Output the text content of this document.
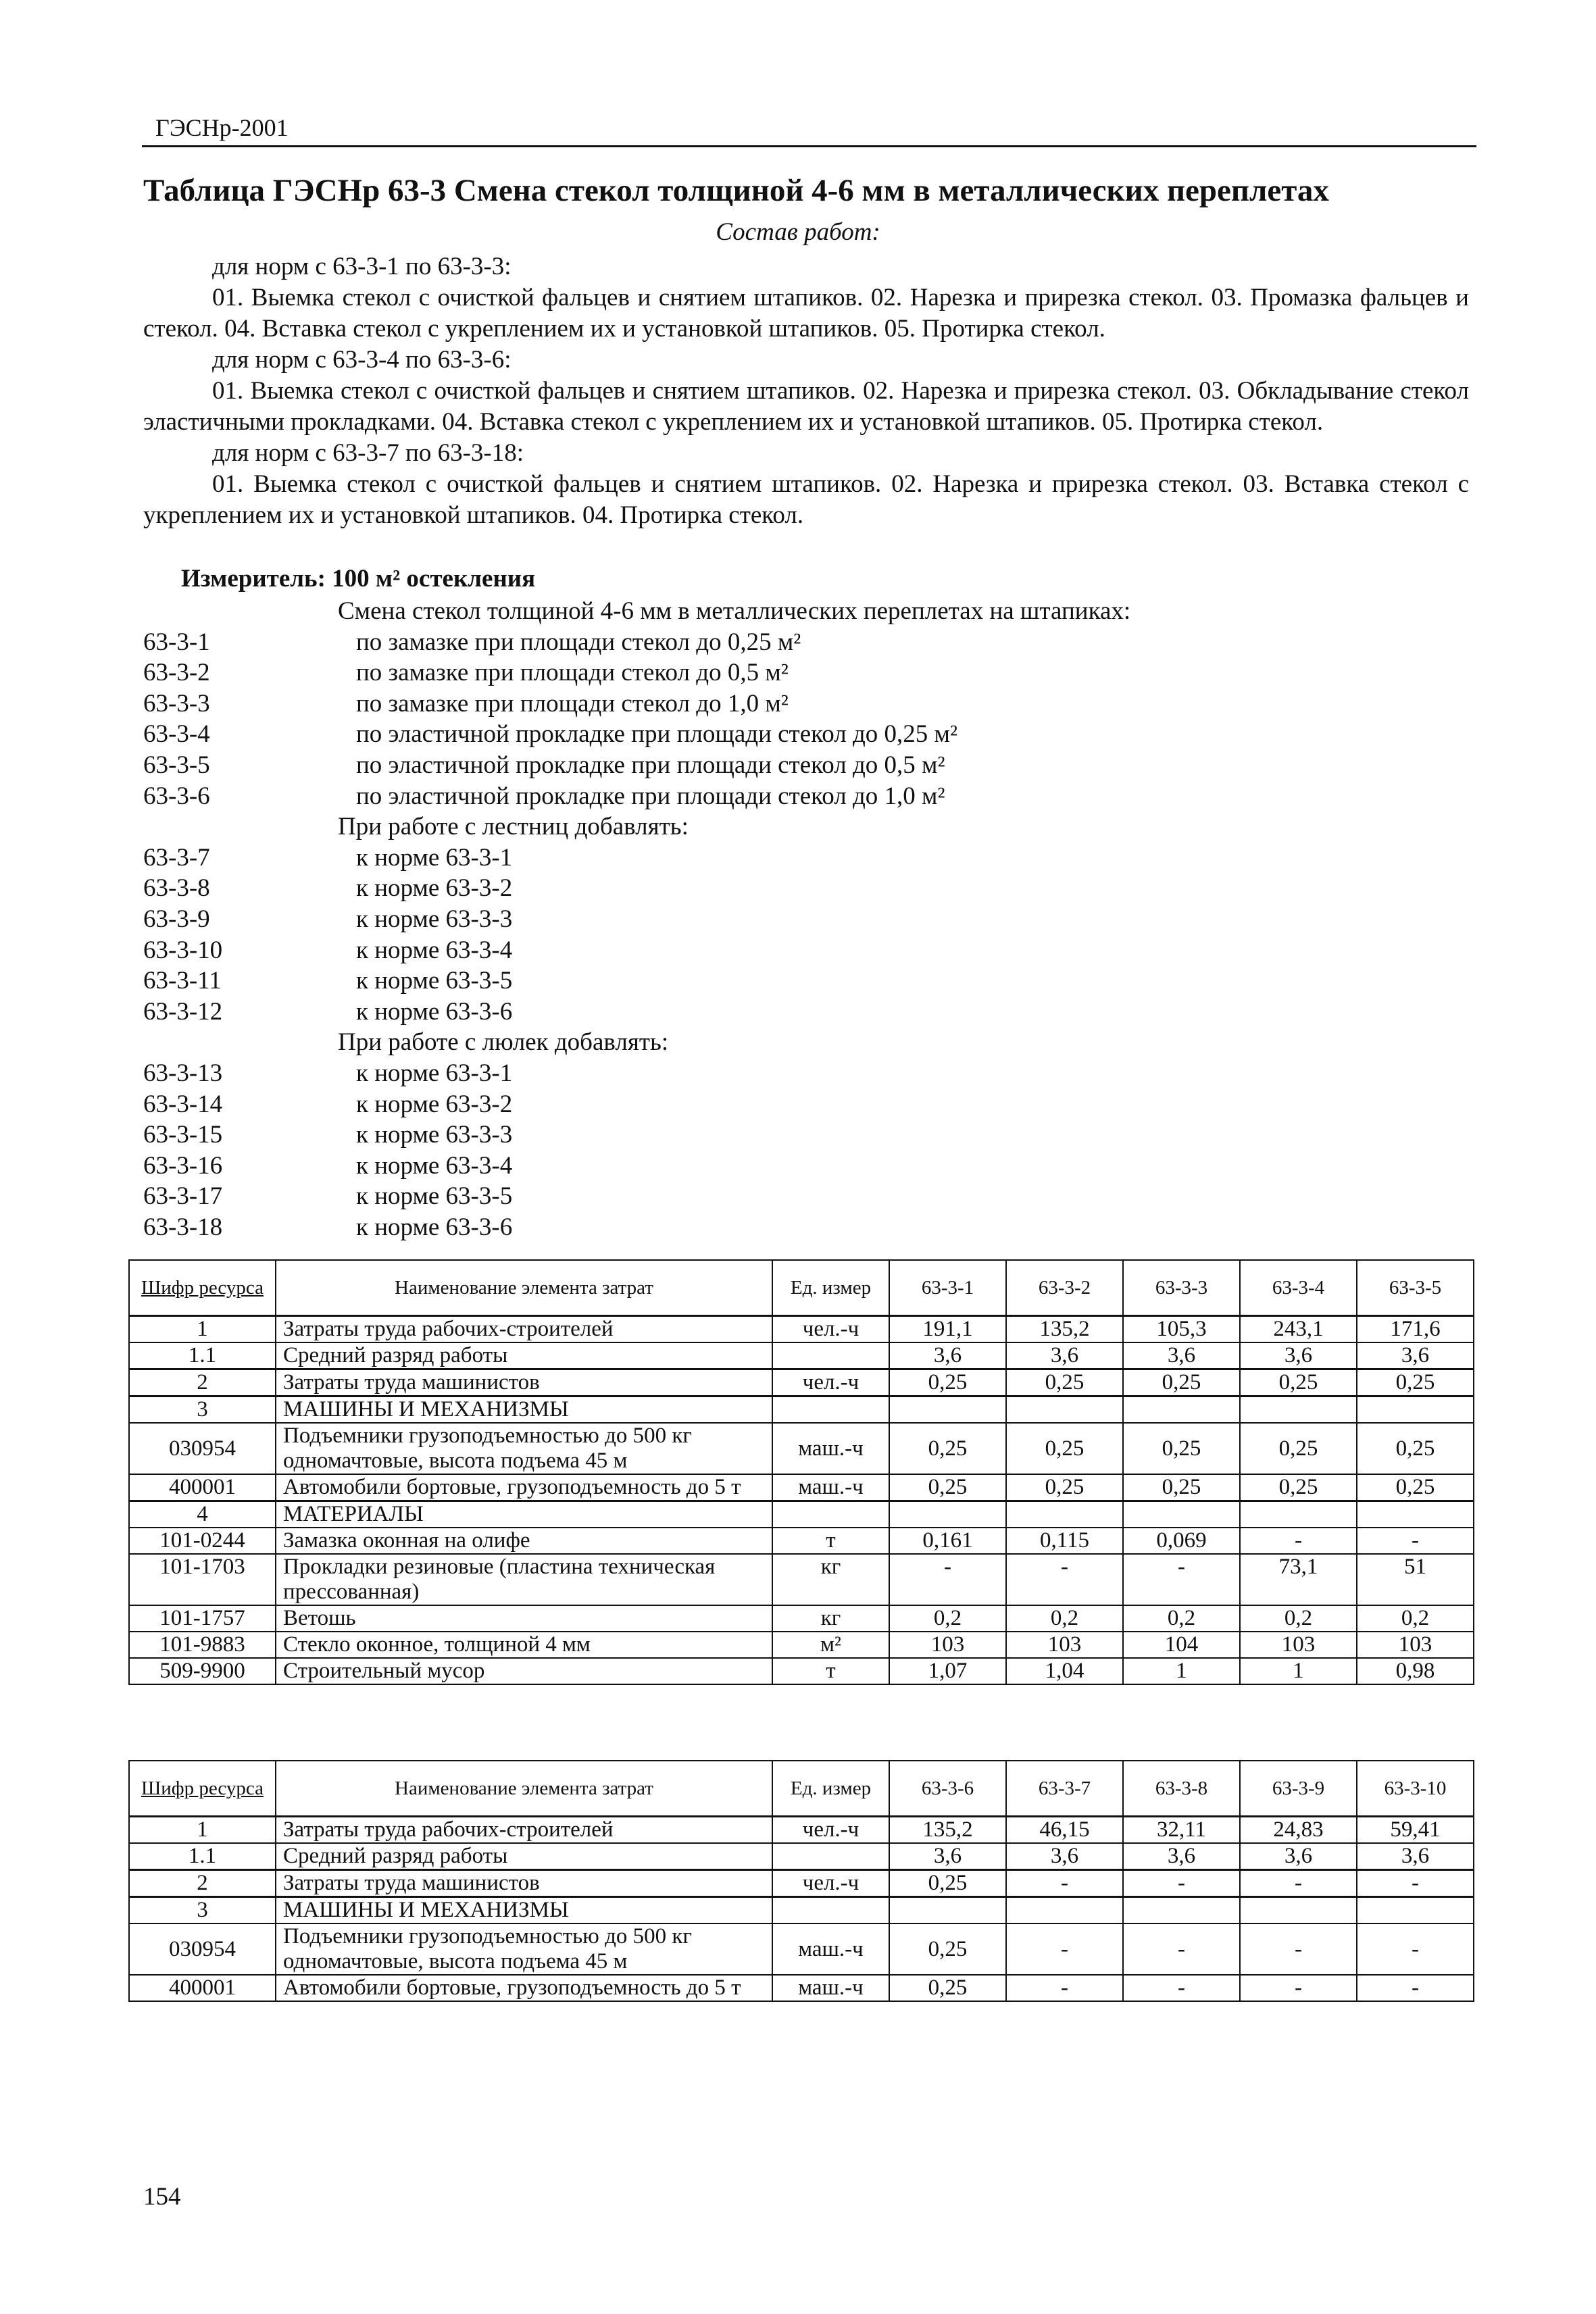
ГЭСНр-2001
Таблица ГЭСНр 63-3 Смена стекол толщиной 4-6 мм в металлических переплетах
Состав работ:

для норм с 63-3-1 по 63-3-3:

01. Выемка стекол с очисткой фальцев и снятием штапиков. 02. Нарезка и прирезка стекол. 03. Промазка фальцев и стекол. 04. Вставка стекол с укреплением их и установкой штапиков. 05. Протирка стекол.

для норм с 63-3-4 по 63-3-6:

01. Выемка стекол с очисткой фальцев и снятием штапиков. 02. Нарезка и прирезка стекол. 03. Обкладывание стекол эластичными прокладками. 04. Вставка стекол с укреплением их и установкой штапиков. 05. Протирка стекол.

для норм с 63-3-7 по 63-3-18:

01. Выемка стекол с очисткой фальцев и снятием штапиков. 02. Нарезка и прирезка стекол. 03. Вставка стекол с укреплением их и установкой штапиков. 04. Протирка стекол.

Измеритель: 100 м² остекления
Смена стекол толщиной 4-6 мм в металлических переплетах на штапиках:
63-3-1	по замазке при площади стекол до 0,25 м²
63-3-2	по замазке при площади стекол до 0,5 м²
63-3-3	по замазке при площади стекол до 1,0 м²
63-3-4	по эластичной прокладке при площади стекол до 0,25 м²
63-3-5	по эластичной прокладке при площади стекол до 0,5 м²
63-3-6	по эластичной прокладке при площади стекол до 1,0 м²
При работе с лестниц добавлять:
63-3-7	к норме 63-3-1
63-3-8	к норме 63-3-2
63-3-9	к норме 63-3-3
63-3-10	к норме 63-3-4
63-3-11	к норме 63-3-5
63-3-12	к норме 63-3-6
При работе с люлек добавлять:
63-3-13	к норме 63-3-1
63-3-14	к норме 63-3-2
63-3-15	к норме 63-3-3
63-3-16	к норме 63-3-4
63-3-17	к норме 63-3-5
63-3-18	к норме 63-3-6
Шифр ресурса	Наименование элемента затрат	Ед. измер	63-3-1	63-3-2	63-3-3	63-3-4	63-3-5
1	Затраты труда рабочих-строителей	чел.-ч	191,1	135,2	105,3	243,1	171,6
1.1	Средний разряд работы		3,6	3,6	3,6	3,6	3,6
2	Затраты труда машинистов	чел.-ч	0,25	0,25	0,25	0,25	0,25
3	МАШИНЫ И МЕХАНИЗМЫ						
030954	Подъемники грузоподъемностью до 500 кг одномачтовые, высота подъема 45 м	маш.-ч	0,25	0,25	0,25	0,25	0,25
400001	Автомобили бортовые, грузоподъемность до 5 т	маш.-ч	0,25	0,25	0,25	0,25	0,25
4	МАТЕРИАЛЫ						
101-0244	Замазка оконная на олифе	т	0,161	0,115	0,069	-	-
101-1703	Прокладки резиновые (пластина техническая прессованная)	кг	-	-	-	73,1	51
101-1757	Ветошь	кг	0,2	0,2	0,2	0,2	0,2
101-9883	Стекло оконное, толщиной 4 мм	м²	103	103	104	103	103
509-9900	Строительный мусор	т	1,07	1,04	1	1	0,98
Шифр ресурса	Наименование элемента затрат	Ед. измер	63-3-6	63-3-7	63-3-8	63-3-9	63-3-10
1	Затраты труда рабочих-строителей	чел.-ч	135,2	46,15	32,11	24,83	59,41
1.1	Средний разряд работы		3,6	3,6	3,6	3,6	3,6
2	Затраты труда машинистов	чел.-ч	0,25	-	-	-	-
3	МАШИНЫ И МЕХАНИЗМЫ						
030954	Подъемники грузоподъемностью до 500 кг одномачтовые, высота подъема 45 м	маш.-ч	0,25	-	-	-	-
400001	Автомобили бортовые, грузоподъемность до 5 т	маш.-ч	0,25	-	-	-	-
154
